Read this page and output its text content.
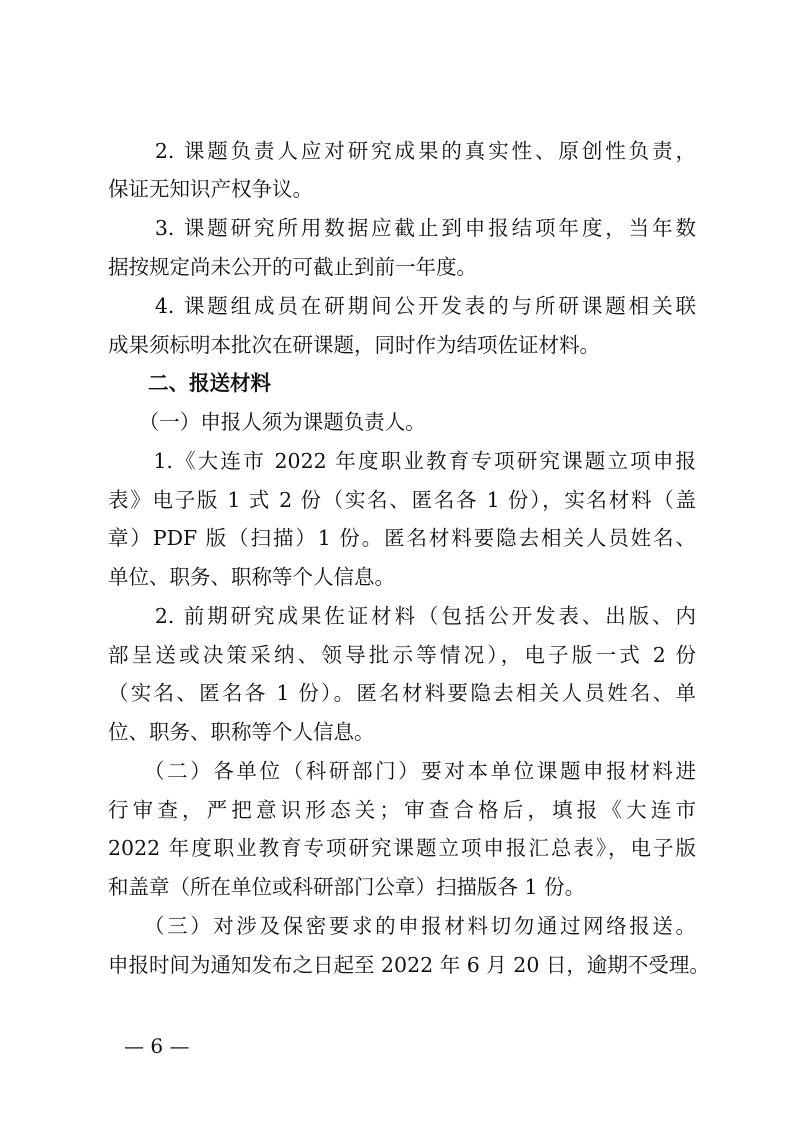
　　2. 课题负责人应对研究成果的真实性、原创性负责，
保证无知识产权争议。
　　3. 课题研究所用数据应截止到申报结项年度，当年数
据按规定尚未公开的可截止到前一年度。
　　4. 课题组成员在研期间公开发表的与所研课题相关联
成果须标明本批次在研课题，同时作为结项佐证材料。
二、报送材料
　　（一）申报人须为课题负责人。
　　1.《大连市 2022 年度职业教育专项研究课题立项申报
表》电子版 1 式 2 份（实名、匿名各 1 份），实名材料（盖
章）PDF 版（扫描）1 份。匿名材料要隐去相关人员姓名、
单位、职务、职称等个人信息。
　　2. 前期研究成果佐证材料（包括公开发表、出版、内
部呈送或决策采纳、领导批示等情况），电子版一式 2 份
（实名、匿名各 1 份）。匿名材料要隐去相关人员姓名、单
位、职务、职称等个人信息。
　　（二）各单位（科研部门）要对本单位课题申报材料进
行审查，严把意识形态关；审查合格后，填报《大连市
2022 年度职业教育专项研究课题立项申报汇总表》，电子版
和盖章（所在单位或科研部门公章）扫描版各 1 份。
　　（三）对涉及保密要求的申报材料切勿通过网络报送。
申报时间为通知发布之日起至 2022 年 6 月 20 日，逾期不受理。
— 6 —
